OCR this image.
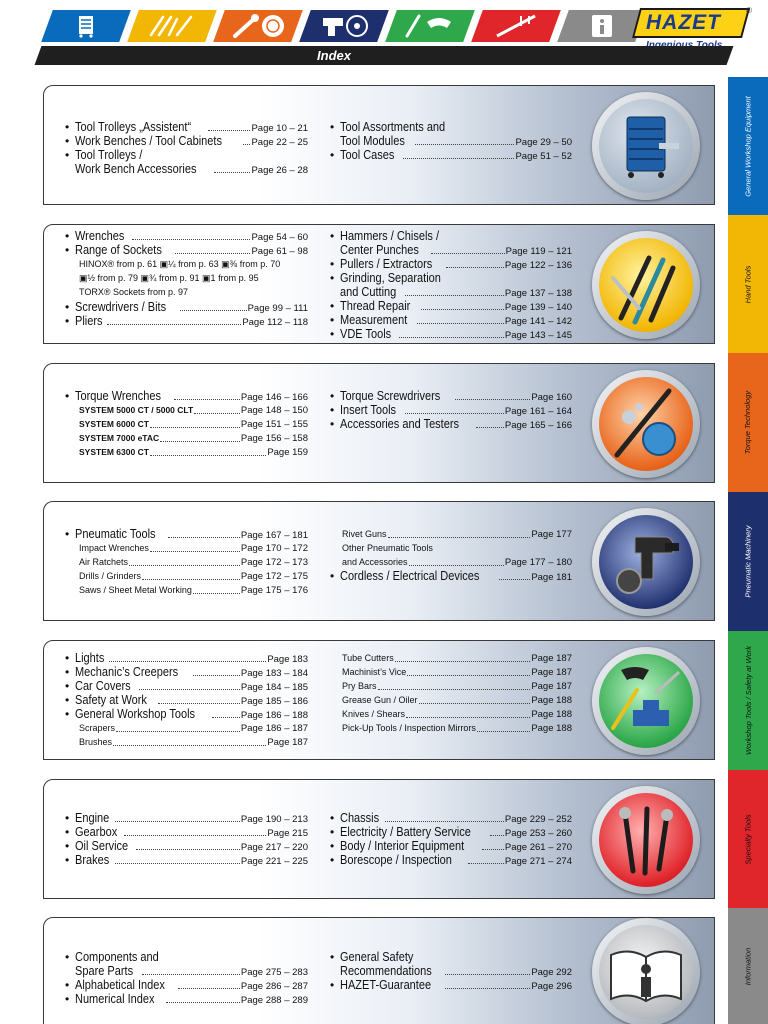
HAZET
®
Index
General Workshop Equipment
Hand Tools
Torque Technology
Pneumatic Machinery
Workshop Tools / Safety at Work
Specialty Tools
Information
• Tool Trolleys „Assistent“	Page 10 – 21
• Work Benches / Tool Cabinets	Page 22 – 25
• Tool Trolleys /
Work Bench Accessories	Page 26 – 28
• Tool Assortments and
Tool Modules	Page 29 – 50
• Tool Cases	Page 51 – 52
• Wrenches	Page 54 – 60
• Range of Sockets	Page 61 – 98
HINOX® from p. 61 ▣¼ from p. 63 ▣⅜ from p. 70
▣½ from p. 79 ▣¾ from p. 91 ▣1 from p. 95
TORX® Sockets from p. 97
• Screwdrivers / Bits	Page 99 – 111
• Pliers	Page 112 – 118
• Hammers / Chisels /
Center Punches	Page 119 – 121
• Pullers / Extractors	Page 122 – 136
• Grinding, Separation
and Cutting	Page 137 – 138
• Thread Repair	Page 139 – 140
• Measurement	Page 141 – 142
• VDE Tools	Page 143 – 145
• Torque Wrenches	Page 146 – 166
SYSTEM 5000 CT / 5000 CLT	Page 148 – 150
SYSTEM 6000 CT	Page 151 – 155
SYSTEM 7000 eTAC	Page 156 – 158
SYSTEM 6300 CT	Page 159
• Torque Screwdrivers	Page 160
• Insert Tools	Page 161 – 164
• Accessories and Testers	Page 165 – 166
• Pneumatic Tools	Page 167 – 181
Impact Wrenches	Page 170 – 172
Air Ratchets	Page 172 – 173
Drills / Grinders	Page 172 – 175
Saws / Sheet Metal Working	Page 175 – 176
Rivet Guns	Page 177
Other Pneumatic Tools
and Accessories	Page 177 – 180
• Cordless / Electrical Devices	Page 181
• Lights	Page 183
• Mechanic’s Creepers	Page 183 – 184
• Car Covers	Page 184 – 185
• Safety at Work	Page 185 – 186
• General Workshop Tools	Page 186 – 188
Scrapers	Page 186 – 187
Brushes	Page 187
Tube Cutters	Page 187
Machinist’s Vice	Page 187
Pry Bars	Page 187
Grease Gun / Oiler	Page 188
Knives / Shears	Page 188
Pick-Up Tools / Inspection Mirrors	Page 188
• Engine	Page 190 – 213
• Gearbox	Page 215
• Oil Service	Page 217 – 220
• Brakes	Page 221 – 225
• Chassis	Page 229 – 252
• Electricity / Battery Service	Page 253 – 260
• Body / Interior Equipment	Page 261 – 270
• Borescope / Inspection	Page 271 – 274
• Components and
Spare Parts	Page 275 – 283
• Alphabetical Index	Page 286 – 287
• Numerical Index	Page 288 – 289
• General Safety
Recommendations	Page 292
• HAZET-Guarantee	Page 296
